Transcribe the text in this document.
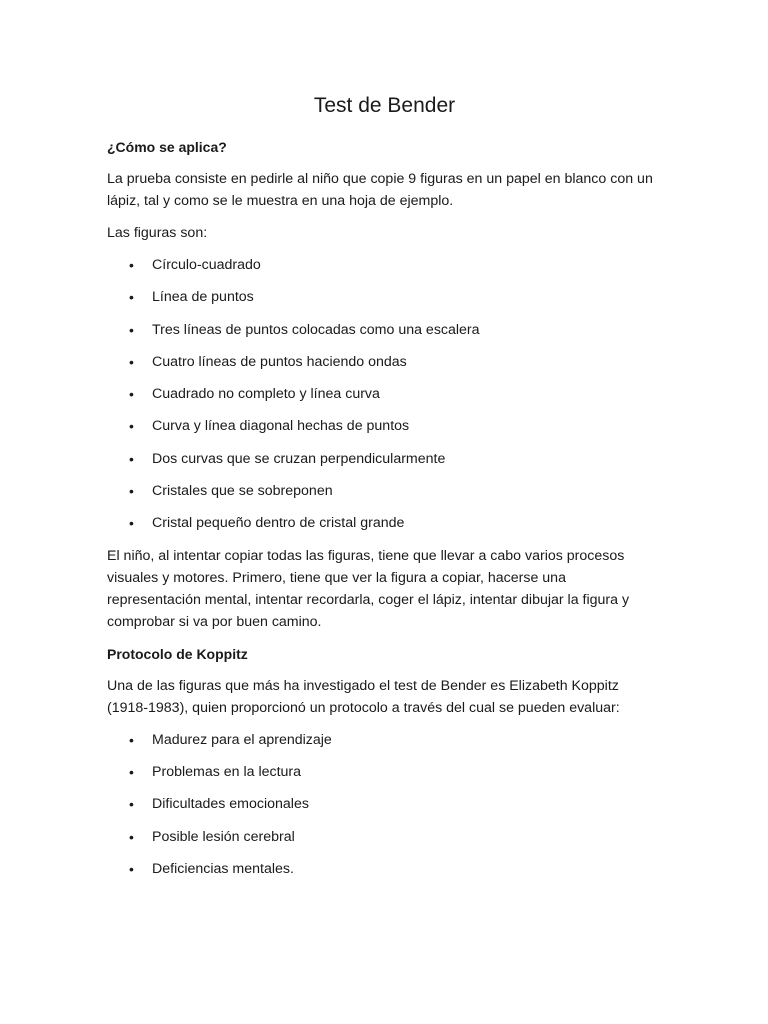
Test de Bender

¿Cómo se aplica?

La prueba consiste en pedirle al niño que copie 9 figuras en un papel en blanco con un lápiz, tal y como se le muestra en una hoja de ejemplo.

Las figuras son:

• Círculo-cuadrado
• Línea de puntos
• Tres líneas de puntos colocadas como una escalera
• Cuatro líneas de puntos haciendo ondas
• Cuadrado no completo y línea curva
• Curva y línea diagonal hechas de puntos
• Dos curvas que se cruzan perpendicularmente
• Cristales que se sobreponen
• Cristal pequeño dentro de cristal grande

El niño, al intentar copiar todas las figuras, tiene que llevar a cabo varios procesos visuales y motores. Primero, tiene que ver la figura a copiar, hacerse una representación mental, intentar recordarla, coger el lápiz, intentar dibujar la figura y comprobar si va por buen camino.

Protocolo de Koppitz

Una de las figuras que más ha investigado el test de Bender es Elizabeth Koppitz (1918-1983), quien proporcionó un protocolo a través del cual se pueden evaluar:

• Madurez para el aprendizaje
• Problemas en la lectura
• Dificultades emocionales
• Posible lesión cerebral
• Deficiencias mentales.
